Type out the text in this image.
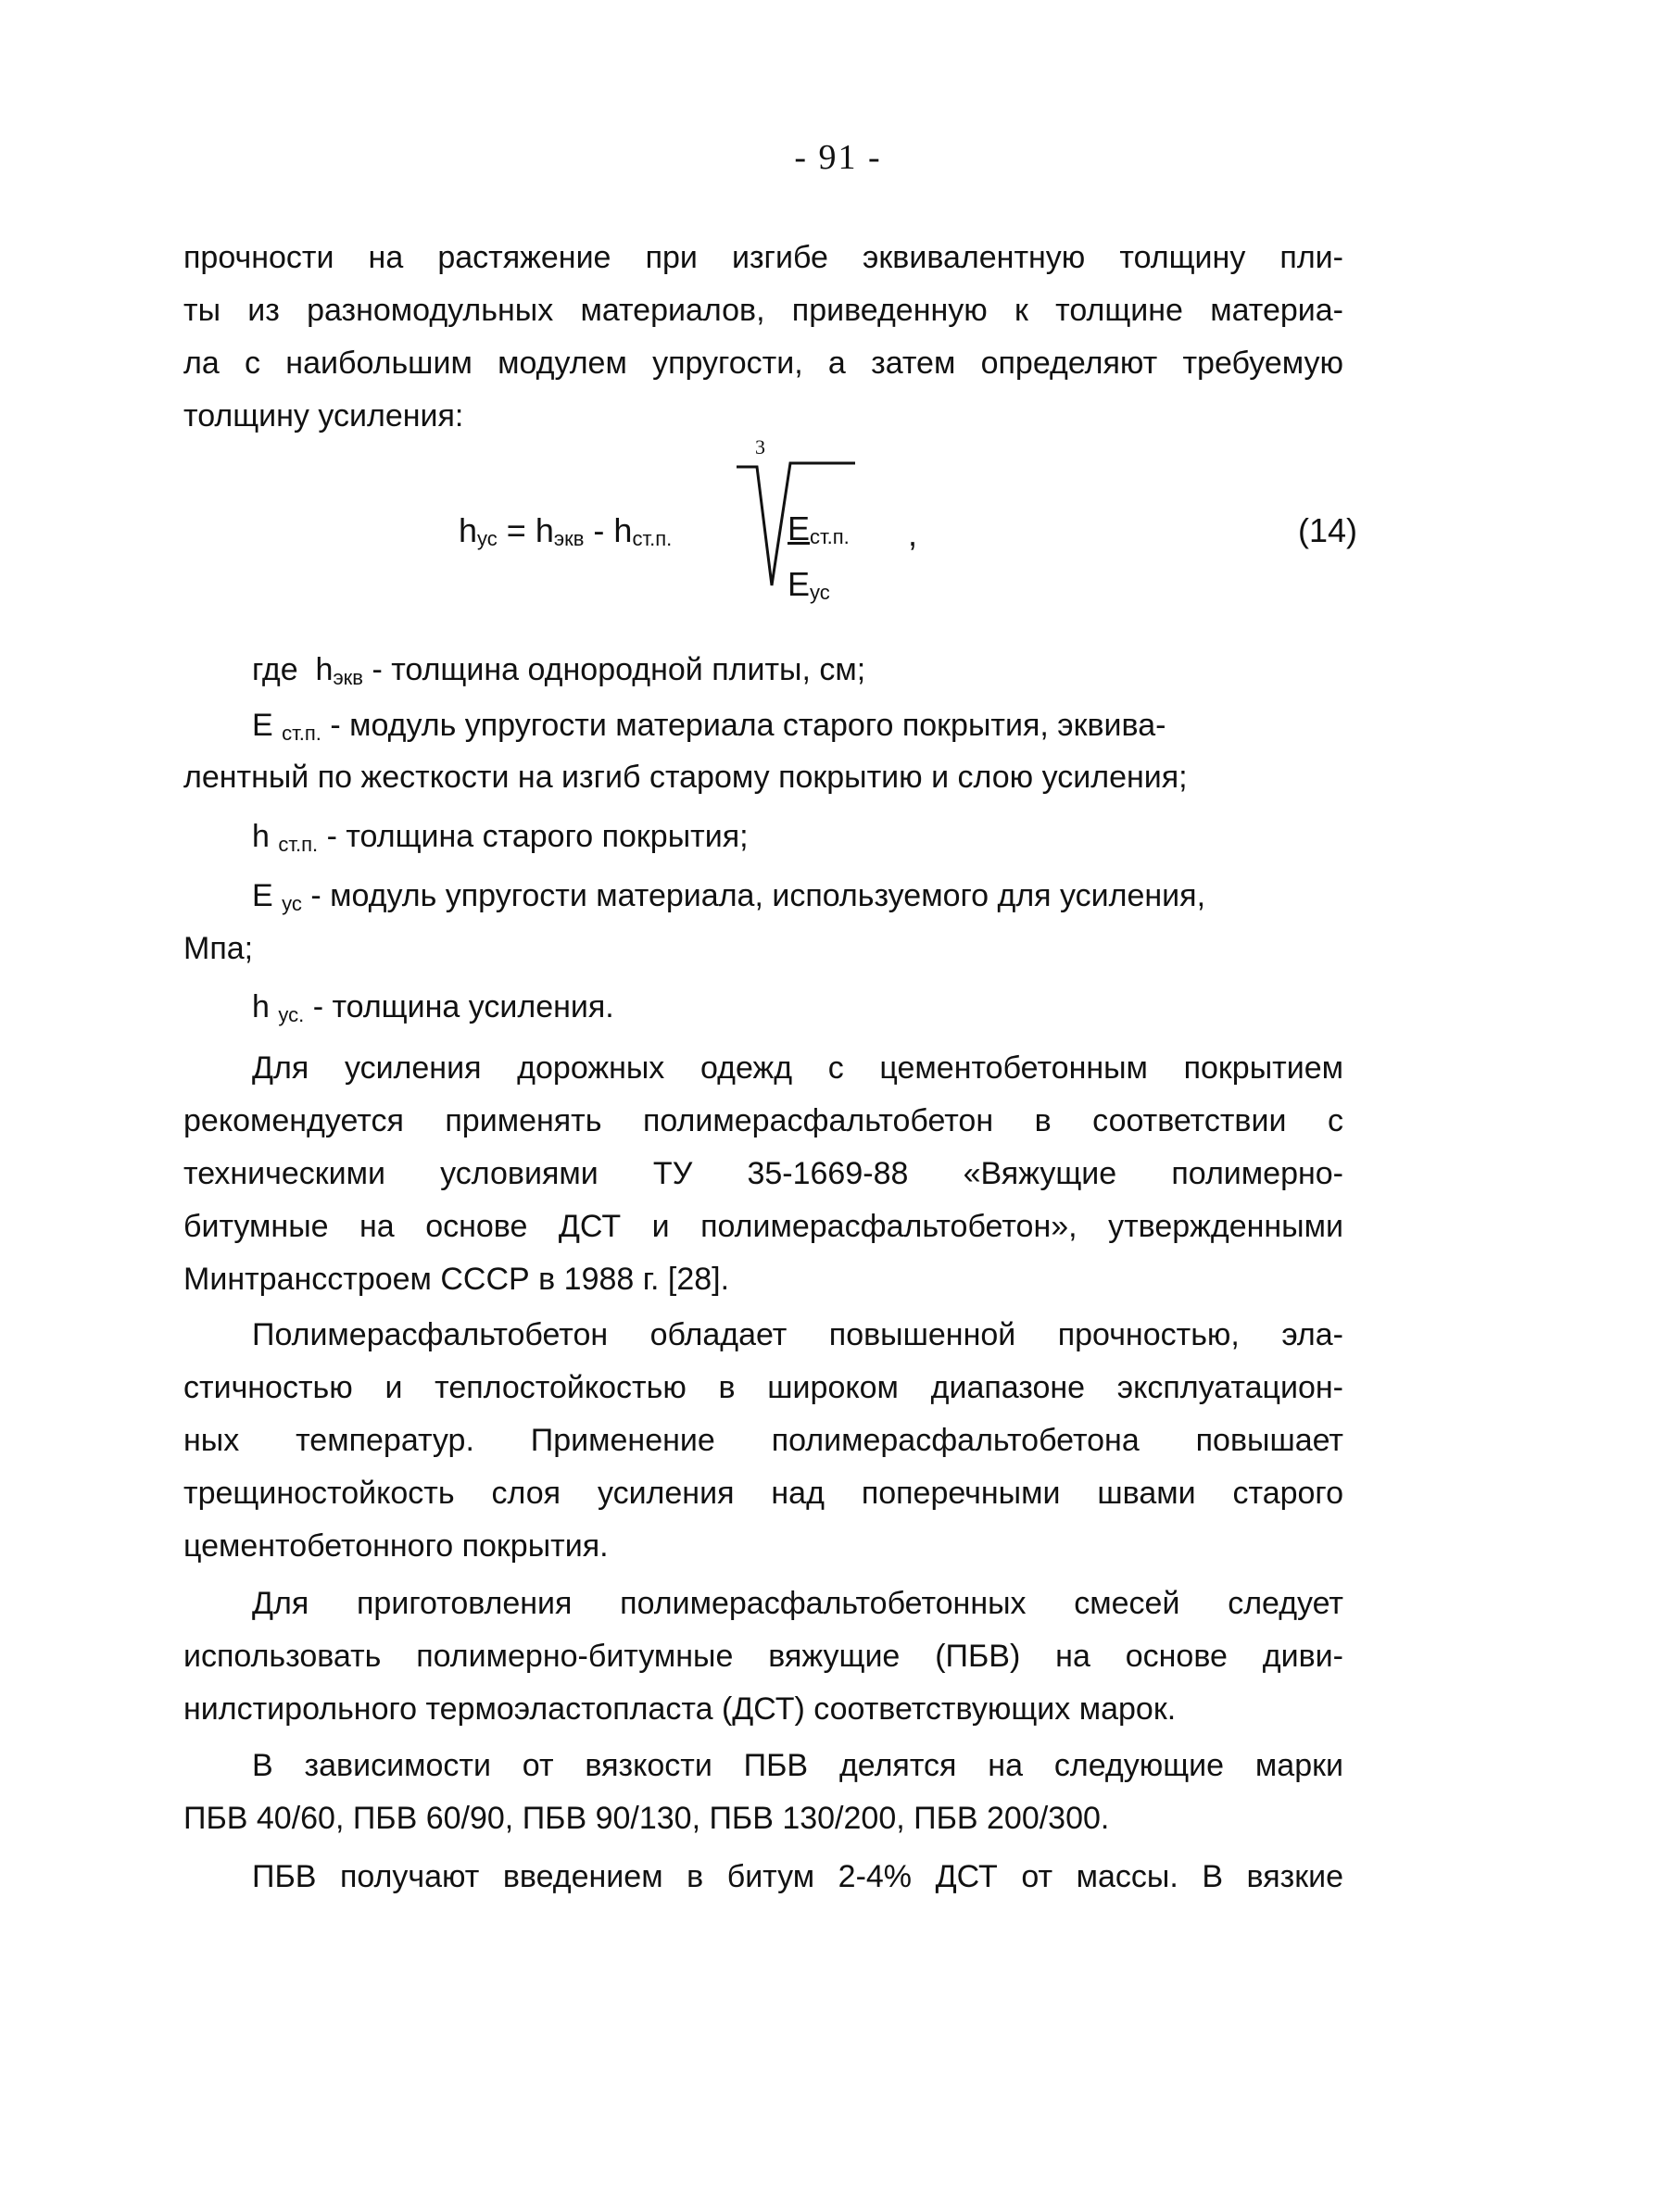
- 91 -
прочности на растяжение при изгибе эквивалентную толщину пли-
ты из разномодульных материалов, приведенную к толщине материа-
ла с наибольшим модулем упругости, а затем определяют требуемую
толщину усиления:
$h_{ус} = h_{экв} - h_{ст.п.}$
3
$E_{ст.п.}$
$E_{ус}$
,	(14)
где $h_{экв}$ - толщина однородной плиты, см;
E $_{ст.п.}$ - модуль упругости материала старого покрытия, эквива-
лентный по жесткости на изгиб старому покрытию и слою усиления;
h $_{ст.п.}$ - толщина старого покрытия;
E $_{ус}$ - модуль упругости материала, используемого для усиления,
Мпа;
h $_{ус.}$ - толщина усиления.
Для усиления дорожных одежд с цементобетонным покрытием
рекомендуется применять полимерасфальтобетон в соответствии с
техническими условиями ТУ 35-1669-88 «Вяжущие полимерно-
битумные на основе ДСТ и полимерасфальтобетон», утвержденными
Минтрансстроем СССР в 1988 г. [28].
Полимерасфальтобетон обладает повышенной прочностью, эла-
стичностью и теплостойкостью в широком диапазоне эксплуатацион-
ных температур. Применение полимерасфальтобетона повышает
трещиностойкость слоя усиления над поперечными швами старого
цементобетонного покрытия.
Для приготовления полимерасфальтобетонных смесей следует
использовать полимерно-битумные вяжущие (ПБВ) на основе диви-
нилстирольного термоэластопласта (ДСТ) соответствующих марок.
В зависимости от вязкости ПБВ делятся на следующие марки
ПБВ 40/60, ПБВ 60/90, ПБВ 90/130, ПБВ 130/200, ПБВ 200/300.
ПБВ получают введением в битум 2-4% ДСТ от массы. В вязкие
